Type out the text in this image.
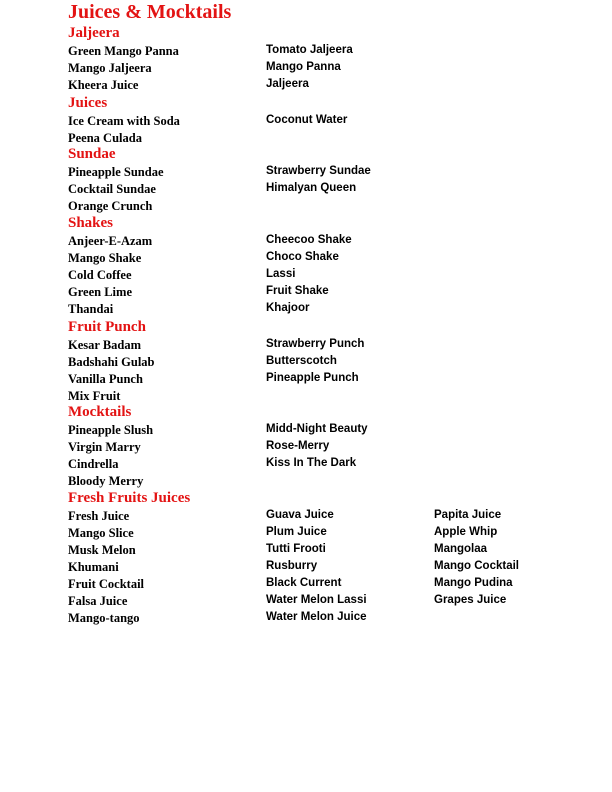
Juices & Mocktails
Jaljeera
Green Mango Panna	Tomato Jaljeera
Mango Jaljeera	Mango Panna
Kheera Juice	Jaljeera
Juices
Ice Cream with Soda	Coconut Water
Peena Culada
Sundae
Pineapple Sundae	Strawberry Sundae
Cocktail Sundae	Himalyan Queen
Orange Crunch
Shakes
Anjeer-E-Azam	Cheecoo Shake
Mango Shake	Choco Shake
Cold Coffee	Lassi
Green Lime	Fruit Shake
Thandai	Khajoor
Fruit Punch
Kesar Badam	Strawberry Punch
Badshahi Gulab	Butterscotch
Vanilla Punch	Pineapple Punch
Mix Fruit
Mocktails
Pineapple Slush	Midd-Night Beauty
Virgin Marry	Rose-Merry
Cindrella	Kiss In The Dark
Bloody Merry
Fresh Fruits Juices
Fresh Juice	Guava Juice	Papita Juice
Mango Slice	Plum Juice	Apple Whip
Musk Melon	Tutti Frooti	Mangolaa
Khumani	Rusburry	Mango Cocktail
Fruit Cocktail	Black Current	Mango Pudina
Falsa Juice	Water Melon Lassi	Grapes Juice
Mango-tango	Water Melon Juice
